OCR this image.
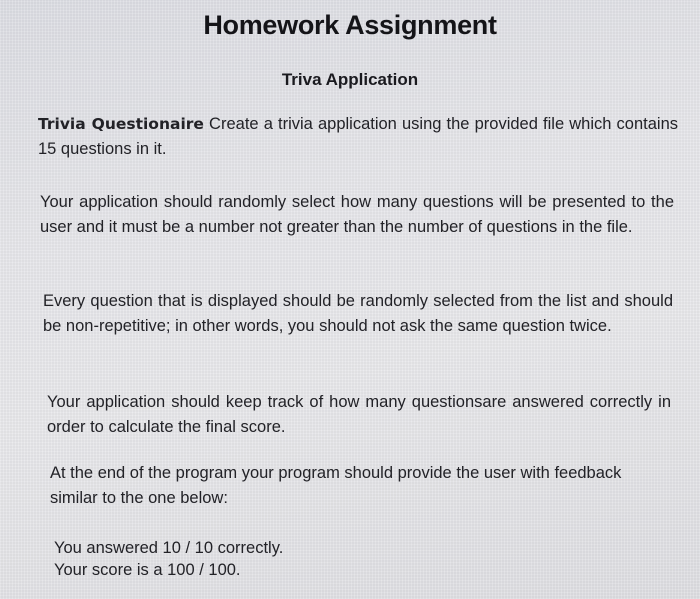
Homework Assignment
Triva Application
Trivia Questionaire Create a trivia application using the provided file which contains 15 questions in it.
Your application should randomly select how many questions will be presented to the user and it must be a number not greater than the number of questions in the file.
Every question that is displayed should be randomly selected from the list and should be non-repetitive; in other words, you should not ask the same question twice.
Your application should keep track of how many questionsare answered correctly in order to calculate the final score.
At the end of the program your program should provide the user with feedback similar to the one below:
You answered 10 / 10 correctly.
Your score is a 100 / 100.
